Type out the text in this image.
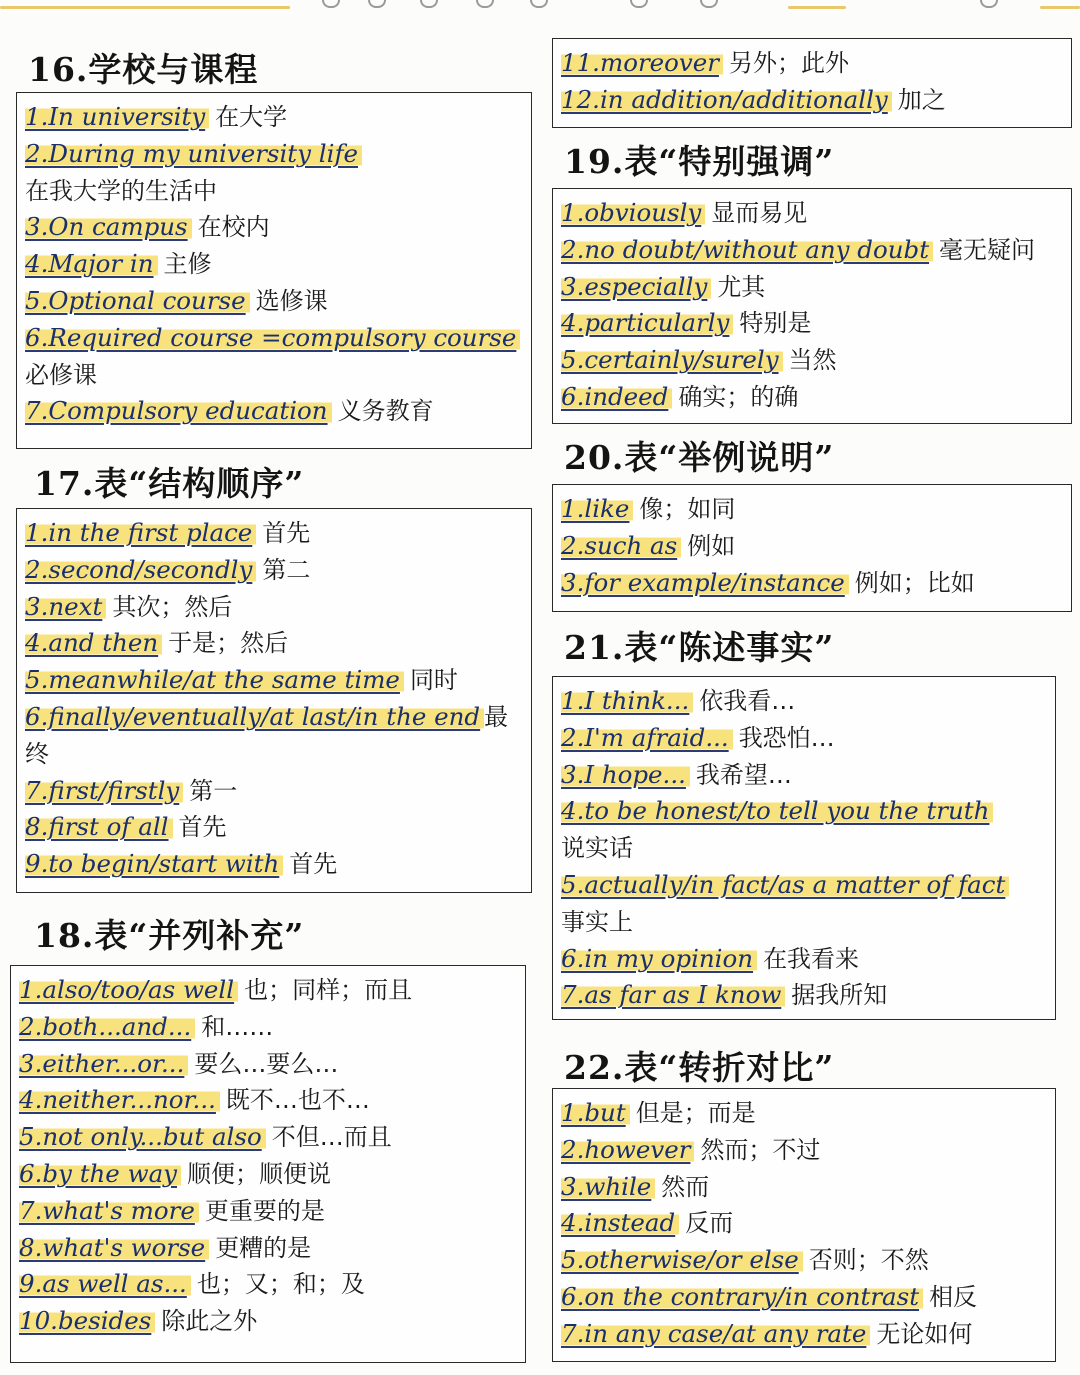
16.学校与课程
1.In university 在大学
2.During my university life
在我大学的生活中
3.On campus 在校内
4.Major in 主修
5.Optional course 选修课
6.Required course =compulsory course
必修课
7.Compulsory education 义务教育
17.表“结构顺序”
1.in the first place 首先
2.second/secondly 第二
3.next 其次；然后
4.and then 于是；然后
5.meanwhile/at the same time 同时
6.finally/eventually/at last/in the end 最终
7.first/firstly 第一
8.first of all 首先
9.to begin/start with 首先
18.表“并列补充”
1.also/too/as well 也；同样；而且
2.both...and... 和……
3.either...or... 要么…要么…
4.neither...nor... 既不…也不…
5.not only...but also 不但…而且
6.by the way 顺便；顺便说
7.what's more 更重要的是
8.what's worse 更糟的是
9.as well as... 也；又；和；及
10.besides 除此之外
11.moreover 另外；此外
12.in addition/additionally 加之
19.表“特别强调”
1.obviously 显而易见
2.no doubt/without any doubt 毫无疑问
3.especially 尤其
4.particularly 特别是
5.certainly/surely 当然
6.indeed 确实；的确
20.表“举例说明”
1.like 像；如同
2.such as 例如
3.for example/instance 例如；比如
21.表“陈述事实”
1.I think... 依我看…
2.I'm afraid... 我恐怕…
3.I hope... 我希望…
4.to be honest/to tell you the truth
说实话
5.actually/in fact/as a matter of fact
事实上
6.in my opinion 在我看来
7.as far as I know 据我所知
22.表“转折对比”
1.but 但是；而是
2.however 然而；不过
3.while 然而
4.instead 反而
5.otherwise/or else 否则；不然
6.on the contrary/in contrast 相反
7.in any case/at any rate 无论如何
